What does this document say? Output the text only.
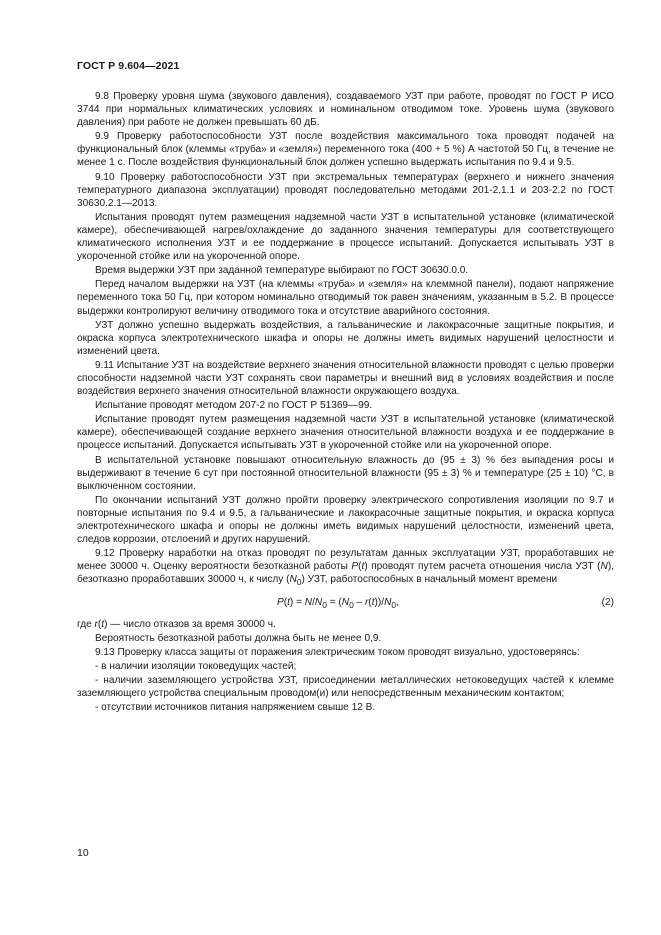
ГОСТ Р 9.604—2021

9.8 Проверку уровня шума (звукового давления), создаваемого УЗТ при работе, проводят по ГОСТ Р ИСО 3744 при нормальных климатических условиях и номинальном отводимом токе. Уровень шума (звукового давления) при работе не должен превышать 60 дБ.

9.9 Проверку работоспособности УЗТ после воздействия максимального тока проводят подачей на функциональный блок (клеммы «труба» и «земля») переменного тока (400 + 5 %) А частотой 50 Гц, в течение не менее 1 с. После воздействия функциональный блок должен успешно выдержать испытания по 9.4 и 9.5.

9.10 Проверку работоспособности УЗТ при экстремальных температурах (верхнего и нижнего значения температурного диапазона эксплуатации) проводят последовательно методами 201-2.1.1 и 203-2.2 по ГОСТ 30630.2.1—2013.

Испытания проводят путем размещения надземной части УЗТ в испытательной установке (климатической камере), обеспечивающей нагрев/охлаждение до заданного значения температуры для соответствующего климатического исполнения УЗТ и ее поддержание в процессе испытаний. Допускается испытывать УЗТ в укороченной стойке или на укороченной опоре.

Время выдержки УЗТ при заданной температуре выбирают по ГОСТ 30630.0.0.

Перед началом выдержки на УЗТ (на клеммы «труба» и «земля» на клеммной панели), подают напряжение переменного тока 50 Гц, при котором номинально отводимый ток равен значениям, указанным в 5.2. В процессе выдержки контролируют величину отводимого тока и отсутствие аварийного состояния.

УЗТ должно успешно выдержать воздействия, а гальванические и лакокрасочные защитные покрытия, и окраска корпуса электротехнического шкафа и опоры не должны иметь видимых нарушений целостности и изменений цвета.

9.11 Испытание УЗТ на воздействие верхнего значения относительной влажности проводят с целью проверки способности надземной части УЗТ сохранять свои параметры и внешний вид в условиях воздействия и после воздействия верхнего значения относительной влажности окружающего воздуха.

Испытание проводят методом 207-2 по ГОСТ Р 51369—99.

Испытание проводят путем размещения надземной части УЗТ в испытательной установке (климатической камере), обеспечивающей создание верхнего значения относительной влажности воздуха и ее поддержание в процессе испытаний. Допускается испытывать УЗТ в укороченной стойке или на укороченной опоре.

В испытательной установке повышают относительную влажность до (95 ± 3) % без выпадения росы и выдерживают в течение 6 сут при постоянной относительной влажности (95 ± 3) % и температуре (25 ± 10) °С, в выключенном состоянии.

По окончании испытаний УЗТ должно пройти проверку электрического сопротивления изоляции по 9.7 и повторные испытания по 9.4 и 9.5, а гальванические и лакокрасочные защитные покрытия, и окраска корпуса электротехнического шкафа и опоры не должны иметь видимых нарушений целостности, изменений цвета, следов коррозии, отслоений и других нарушений.

9.12 Проверку наработки на отказ проводят по результатам данных эксплуатации УЗТ, проработавших не менее 30000 ч. Оценку вероятности безотказной работы P(t) проводят путем расчета отношения числа УЗТ (N), безотказно проработавших 30000 ч, к числу $(N_0)$ УЗТ, работоспособных в начальный момент времени

$P(t) = N/N_0 = (N_0 - r(t))/N_0$,	(2)

где r(t) — число отказов за время 30000 ч.

Вероятность безотказной работы должна быть не менее 0,9.

9.13 Проверку класса защиты от поражения электрическим током проводят визуально, удостоверяясь:

- в наличии изоляции токоведущих частей;

- наличии заземляющего устройства УЗТ, присоединении металлических нетоковедущих частей к клемме заземляющего устройства специальным проводом(и) или непосредственным механическим контактом;

- отсутствии источников питания напряжением свыше 12 В.

10
